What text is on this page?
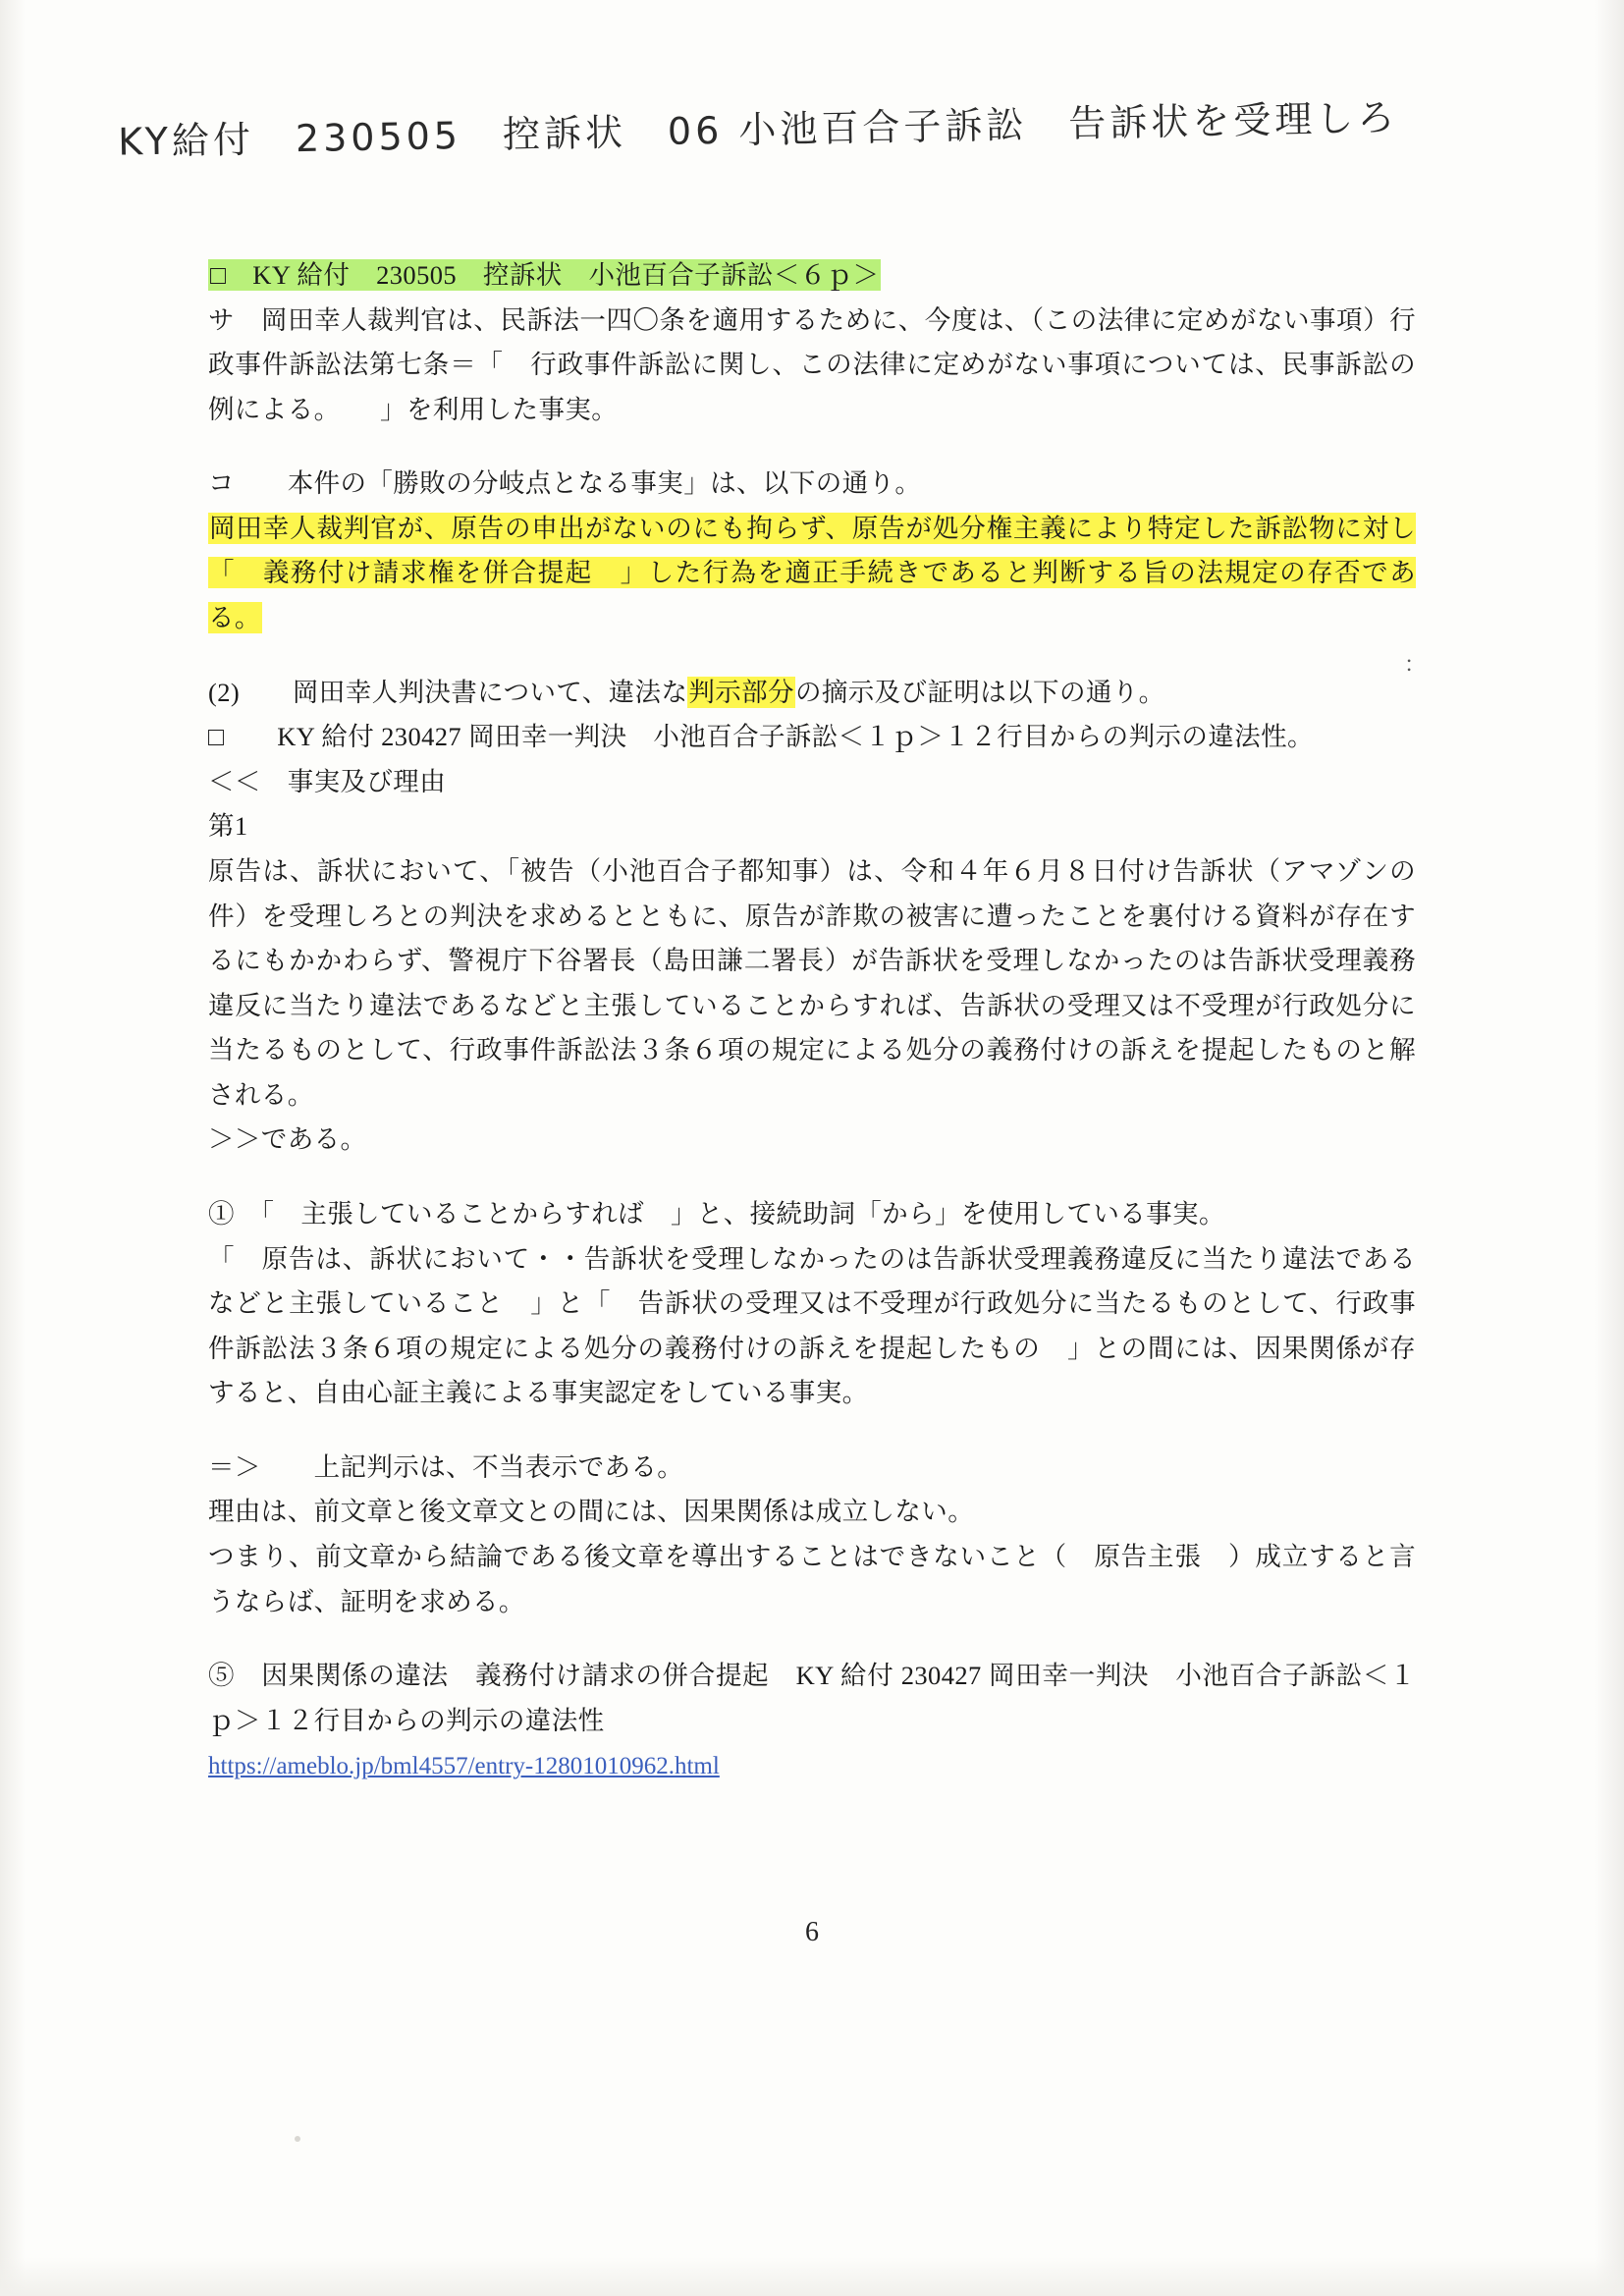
KY給付　230505　控訴状　06 小池百合子訴訟　告訴状を受理しろ
：

□　KY 給付　230505　控訴状　小池百合子訴訟＜６ｐ＞

サ　岡田幸人裁判官は、民訴法一四〇条を適用するために、今度は、（この法律に定めがない事項）行政事件訴訟法第七条＝「　行政事件訴訟に関し、この法律に定めがない事項については、民事訴訟の例による。　　」を利用した事実。

コ　　本件の「勝敗の分岐点となる事実」は、以下の通り。

岡田幸人裁判官が、原告の申出がないのにも拘らず、原告が処分権主義により特定した訴訟物に対し「　義務付け請求権を併合提起　」した行為を適正手続きであると判断する旨の法規定の存否である。

(2)　　岡田幸人判決書について、違法な判示部分の摘示及び証明は以下の通り。

□　　KY 給付 230427 岡田幸一判決　小池百合子訴訟＜１ｐ＞１２行目からの判示の違法性。

＜＜　事実及び理由

第1

原告は、訴状において、「被告（小池百合子都知事）は、令和４年６月８日付け告訴状（アマゾンの件）を受理しろとの判決を求めるとともに、原告が詐欺の被害に遭ったことを裏付ける資料が存在するにもかかわらず、警視庁下谷署長（島田謙二署長）が告訴状を受理しなかったのは告訴状受理義務違反に当たり違法であるなどと主張していることからすれば、告訴状の受理又は不受理が行政処分に当たるものとして、行政事件訴訟法３条６項の規定による処分の義務付けの訴えを提起したものと解される。

＞＞である。

①　「　主張していることからすれば　」と、接続助詞「から」を使用している事実。

「　原告は、訴状において・・告訴状を受理しなかったのは告訴状受理義務違反に当たり違法であるなどと主張していること　」と「　告訴状の受理又は不受理が行政処分に当たるものとして、行政事件訴訟法３条６項の規定による処分の義務付けの訴えを提起したもの　」との間には、因果関係が存すると、自由心証主義による事実認定をしている事実。

＝＞　　上記判示は、不当表示である。

理由は、前文章と後文章文との間には、因果関係は成立しない。

つまり、前文章から結論である後文章を導出することはできないこと（　原告主張　）成立すると言うならば、証明を求める。

⑤　因果関係の違法　義務付け請求の併合提起　KY 給付 230427 岡田幸一判決　小池百合子訴訟＜１ｐ＞１２行目からの判示の違法性

https://ameblo.jp/bml4557/entry-12801010962.html

6
